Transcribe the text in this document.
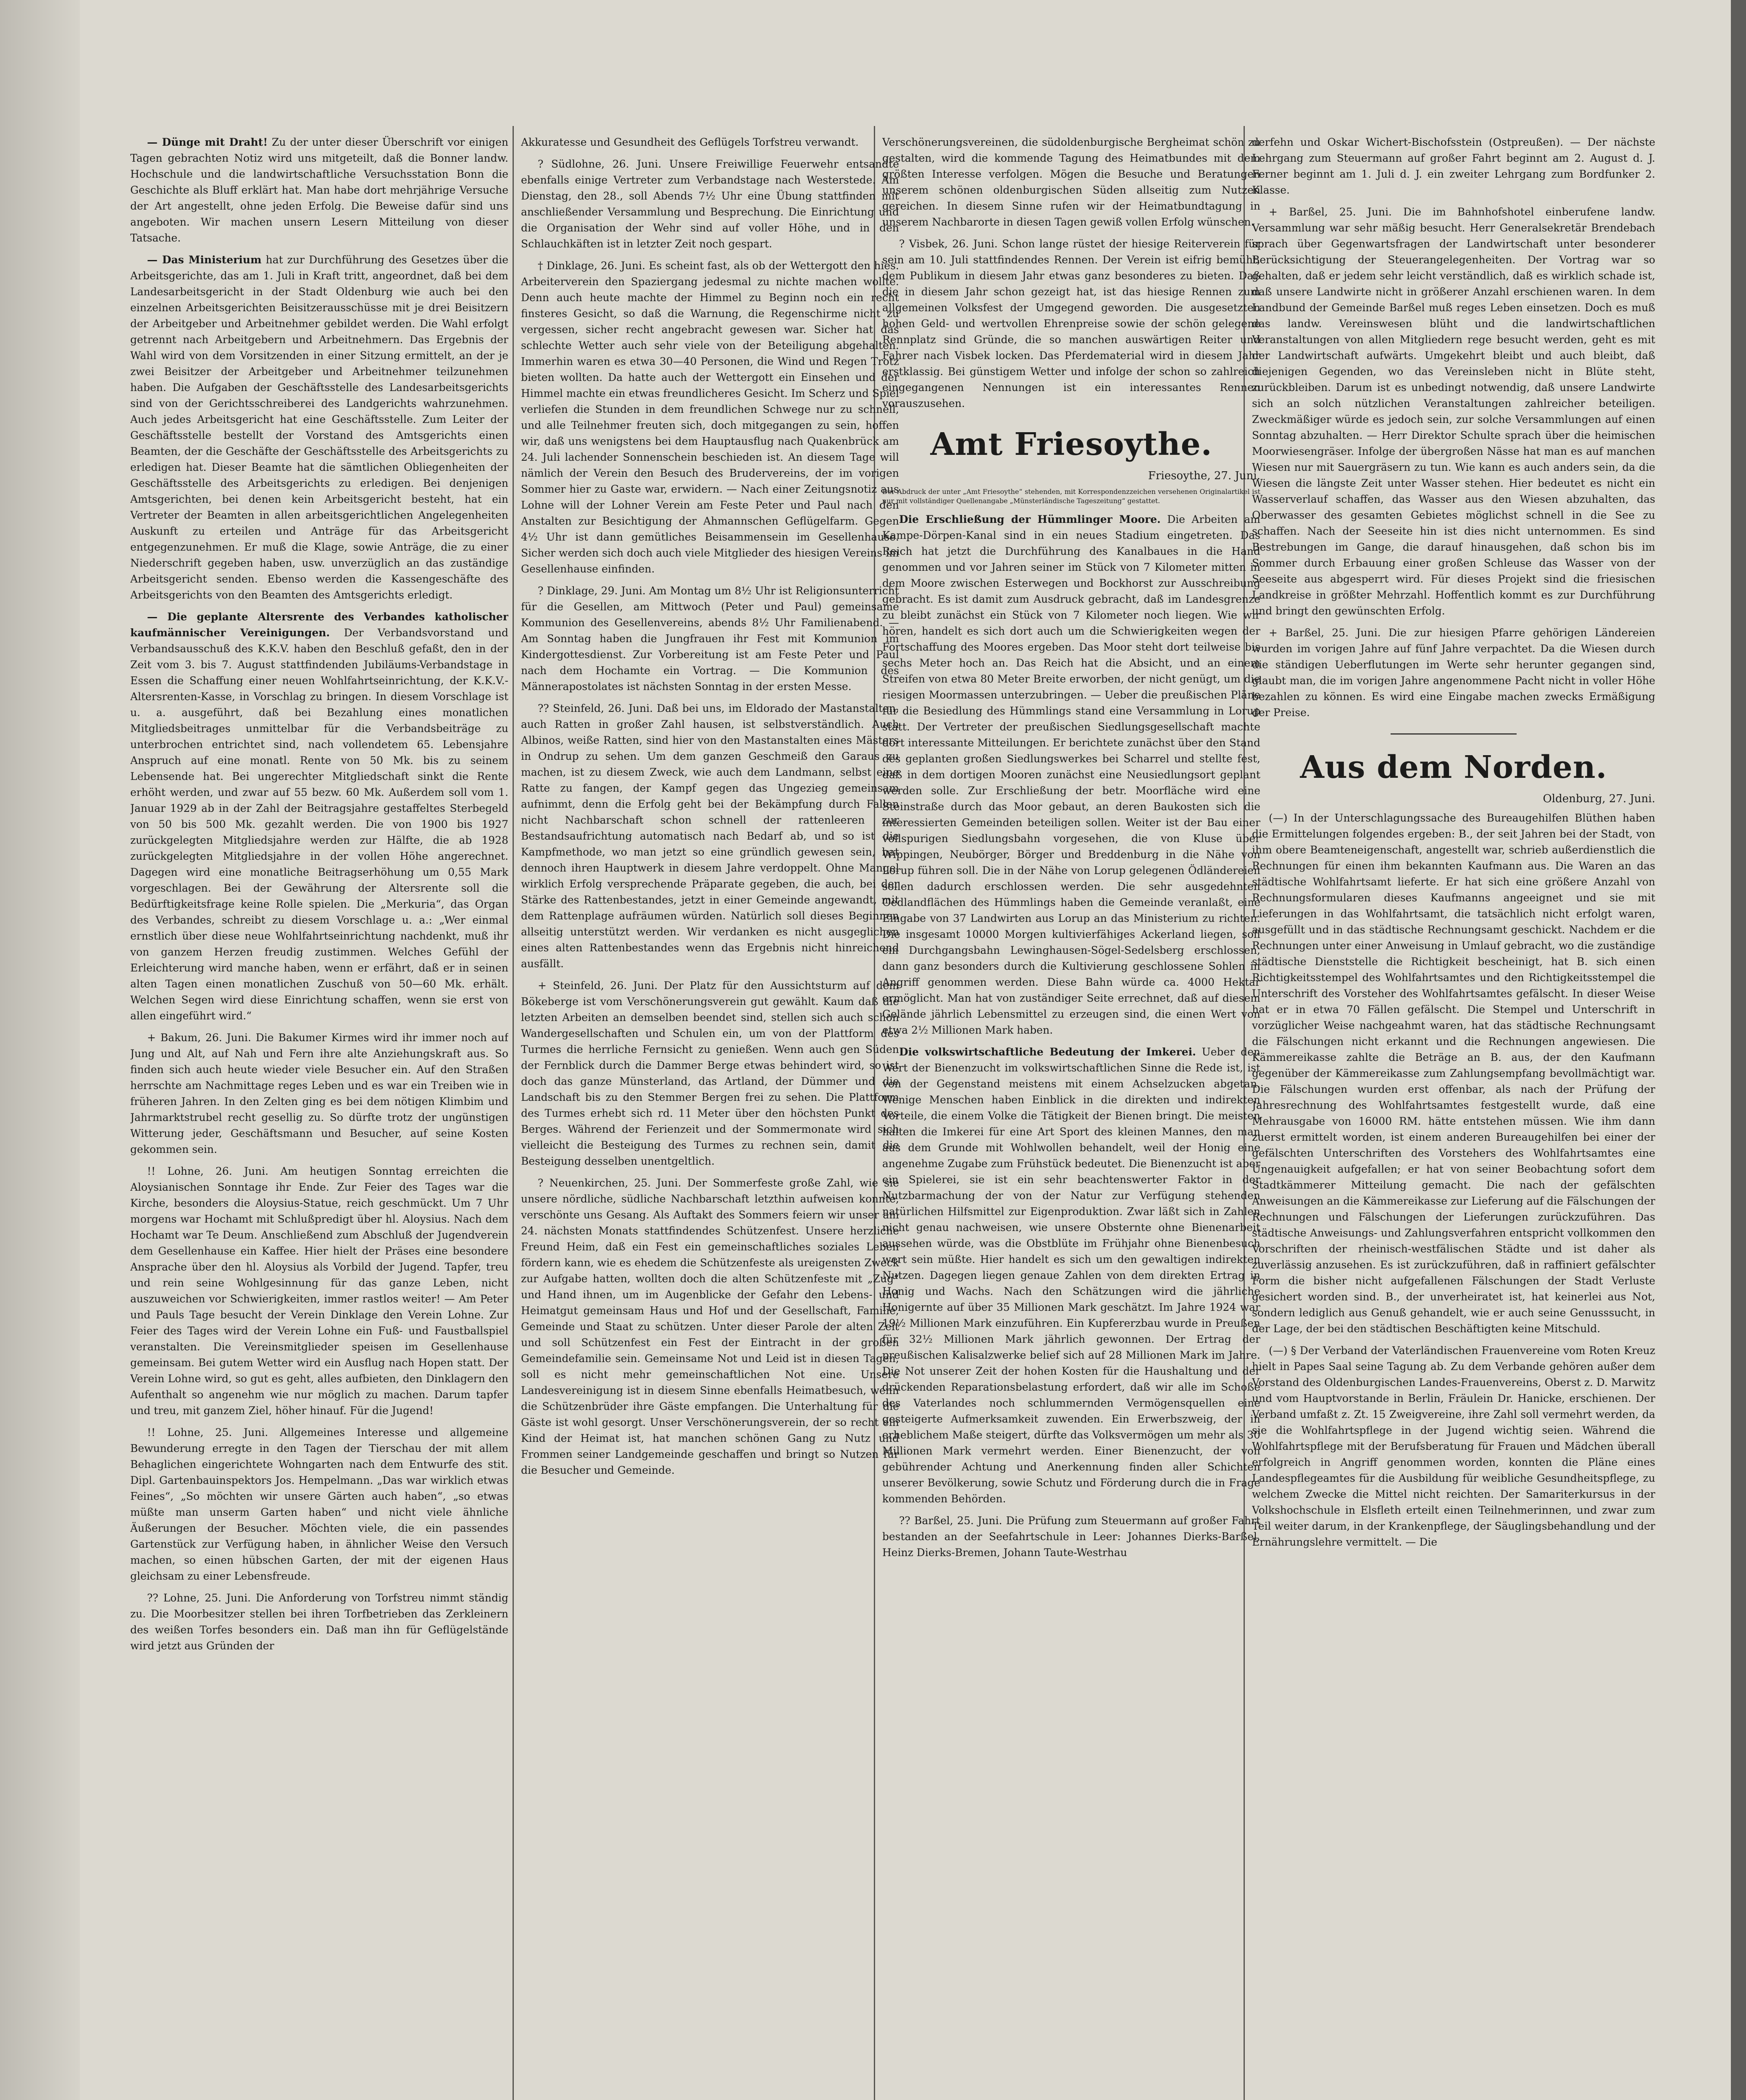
— Dünge mit Draht! Zu der unter dieser Überschrift vor einigen Tagen gebrachten Notiz wird uns mitgeteilt, daß die Bonner landw. Hochschule und die landwirtschaftliche Versuchsstation Bonn die Geschichte als Bluff erklärt hat. Man habe dort mehrjährige Versuche der Art angestellt, ohne jeden Erfolg. Die Beweise dafür sind uns angeboten. Wir machen unsern Lesern Mitteilung von dieser Tatsache.

— Das Ministerium hat zur Durchführung des Gesetzes über die Arbeitsgerichte, das am 1. Juli in Kraft tritt, angeordnet, daß bei dem Landesarbeitsgericht in der Stadt Oldenburg wie auch bei den einzelnen Arbeitsgerichten Beisitzerausschüsse mit je drei Beisitzern der Arbeitgeber und Arbeitnehmer gebildet werden. Die Wahl erfolgt getrennt nach Arbeitgebern und Arbeitnehmern. Das Ergebnis der Wahl wird von dem Vorsitzenden in einer Sitzung ermittelt, an der je zwei Beisitzer der Arbeitgeber und Arbeitnehmer teilzunehmen haben. Die Aufgaben der Geschäftsstelle des Landesarbeitsgerichts sind von der Gerichtsschreiberei des Landgerichts wahrzunehmen. Auch jedes Arbeitsgericht hat eine Geschäftsstelle. Zum Leiter der Geschäftsstelle bestellt der Vorstand des Amtsgerichts einen Beamten, der die Geschäfte der Geschäftsstelle des Arbeitsgerichts zu erledigen hat. Dieser Beamte hat die sämtlichen Obliegenheiten der Geschäftsstelle des Arbeitsgerichts zu erledigen. Bei denjenigen Amtsgerichten, bei denen kein Arbeitsgericht besteht, hat ein Vertreter der Beamten in allen arbeitsgerichtlichen Angelegenheiten Auskunft zu erteilen und Anträge für das Arbeitsgericht entgegenzunehmen. Er muß die Klage, sowie Anträge, die zu einer Niederschrift gegeben haben, usw. unverzüglich an das zuständige Arbeitsgericht senden. Ebenso werden die Kassengeschäfte des Arbeitsgerichts von den Beamten des Amtsgerichts erledigt.

— Die geplante Altersrente des Verbandes katholischer kaufmännischer Vereinigungen. Der Verbandsvorstand und Verbandsausschuß des K.K.V. haben den Beschluß gefaßt, den in der Zeit vom 3. bis 7. August stattfindenden Jubiläums-Verbandstage in Essen die Schaffung einer neuen Wohlfahrtseinrichtung, der K.K.V.-Altersrenten-Kasse, in Vorschlag zu bringen. In diesem Vorschlage ist u. a. ausgeführt, daß bei Bezahlung eines monatlichen Mitgliedsbeitrages unmittelbar für die Verbandsbeiträge zu unterbrochen entrichtet sind, nach vollendetem 65. Lebensjahre Anspruch auf eine monatl. Rente von 50 Mk. bis zu seinem Lebensende hat. Bei ungerechter Mitgliedschaft sinkt die Rente erhöht werden, und zwar auf 55 bezw. 60 Mk. Außerdem soll vom 1. Januar 1929 ab in der Zahl der Beitragsjahre gestaffeltes Sterbegeld von 50 bis 500 Mk. gezahlt werden. Die von 1900 bis 1927 zurückgelegten Mitgliedsjahre werden zur Hälfte, die ab 1928 zurückgelegten Mitgliedsjahre in der vollen Höhe angerechnet. Dagegen wird eine monatliche Beitragserhöhung um 0,55 Mark vorgeschlagen. Bei der Gewährung der Altersrente soll die Bedürftigkeitsfrage keine Rolle spielen. Die „Merkuria“, das Organ des Verbandes, schreibt zu diesem Vorschlage u. a.: „Wer einmal ernstlich über diese neue Wohlfahrtseinrichtung nachdenkt, muß ihr von ganzem Herzen freudig zustimmen. Welches Gefühl der Erleichterung wird manche haben, wenn er erfährt, daß er in seinen alten Tagen einen monatlichen Zuschuß von 50—60 Mk. erhält. Welchen Segen wird diese Einrichtung schaffen, wenn sie erst von allen eingeführt wird.“

+ Bakum, 26. Juni. Die Bakumer Kirmes wird ihr immer noch auf Jung und Alt, auf Nah und Fern ihre alte Anziehungskraft aus. So finden sich auch heute wieder viele Besucher ein. Auf den Straßen herrschte am Nachmittage reges Leben und es war ein Treiben wie in früheren Jahren. In den Zelten ging es bei dem nötigen Klimbim und Jahrmarktstrubel recht gesellig zu. So dürfte trotz der ungünstigen Witterung jeder, Geschäftsmann und Besucher, auf seine Kosten gekommen sein.

!! Lohne, 26. Juni. Am heutigen Sonntag erreichten die Aloysianischen Sonntage ihr Ende. Zur Feier des Tages war die Kirche, besonders die Aloysius-Statue, reich geschmückt. Um 7 Uhr morgens war Hochamt mit Schlußpredigt über hl. Aloysius. Nach dem Hochamt war Te Deum. Anschließend zum Abschluß der Jugendverein dem Gesellenhause ein Kaffee. Hier hielt der Präses eine besondere Ansprache über den hl. Aloysius als Vorbild der Jugend. Tapfer, treu und rein seine Wohlgesinnung für das ganze Leben, nicht auszuweichen vor Schwierigkeiten, immer rastlos weiter! — Am Peter und Pauls Tage besucht der Verein Dinklage den Verein Lohne. Zur Feier des Tages wird der Verein Lohne ein Fuß- und Faustballspiel veranstalten. Die Vereinsmitglieder speisen im Gesellenhause gemeinsam. Bei gutem Wetter wird ein Ausflug nach Hopen statt. Der Verein Lohne wird, so gut es geht, alles aufbieten, den Dinklagern den Aufenthalt so angenehm wie nur möglich zu machen. Darum tapfer und treu, mit ganzem Ziel, höher hinauf. Für die Jugend!

!! Lohne, 25. Juni. Allgemeines Interesse und allgemeine Bewunderung erregte in den Tagen der Tierschau der mit allem Behaglichen eingerichtete Wohngarten nach dem Entwurfe des stit. Dipl. Gartenbauinspektors Jos. Hempelmann. „Das war wirklich etwas Feines“, „So möchten wir unsere Gärten auch haben“, „so etwas müßte man unserm Garten haben“ und nicht viele ähnliche Äußerungen der Besucher. Möchten viele, die ein passendes Gartenstück zur Verfügung haben, in ähnlicher Weise den Versuch machen, so einen hübschen Garten, der mit der eigenen Haus gleichsam zu einer Lebensfreude.

?? Lohne, 25. Juni. Die Anforderung von Torfstreu nimmt ständig zu. Die Moorbesitzer stellen bei ihren Torfbetrieben das Zerkleinern des weißen Torfes besonders ein. Daß man ihn für Geflügelstände wird jetzt aus Gründen der

Akkuratesse und Gesundheit des Geflügels Torfstreu verwandt.

? Südlohne, 26. Juni. Unsere Freiwillige Feuerwehr entsandte ebenfalls einige Vertreter zum Verbandstage nach Westerstede. Am Dienstag, den 28., soll Abends 7½ Uhr eine Übung stattfinden mit anschließender Versammlung und Besprechung. Die Einrichtung und die Organisation der Wehr sind auf voller Höhe, und in den Schlauchkäften ist in letzter Zeit noch gespart.

† Dinklage, 26. Juni. Es scheint fast, als ob der Wettergott den hies. Arbeiterverein den Spaziergang jedesmal zu nichte machen wollte. Denn auch heute machte der Himmel zu Beginn noch ein recht finsteres Gesicht, so daß die Warnung, die Regenschirme nicht zu vergessen, sicher recht angebracht gewesen war. Sicher hat das schlechte Wetter auch sehr viele von der Beteiligung abgehalten. Immerhin waren es etwa 30—40 Personen, die Wind und Regen Trotz bieten wollten. Da hatte auch der Wettergott ein Einsehen und der Himmel machte ein etwas freundlicheres Gesicht. Im Scherz und Spiel verliefen die Stunden in dem freundlichen Schwege nur zu schnell, und alle Teilnehmer freuten sich, doch mitgegangen zu sein, hoffen wir, daß uns wenigstens bei dem Hauptausflug nach Quakenbrück am 24. Juli lachender Sonnenschein beschieden ist. An diesem Tage will nämlich der Verein den Besuch des Brudervereins, der im vorigen Sommer hier zu Gaste war, erwidern. — Nach einer Zeitungsnotiz aus Lohne will der Lohner Verein am Feste Peter und Paul nach den Anstalten zur Besichtigung der Ahmannschen Geflügelfarm. Gegen 4½ Uhr ist dann gemütliches Beisammensein im Gesellenhause. Sicher werden sich doch auch viele Mitglieder des hiesigen Vereins im Gesellenhause einfinden.

? Dinklage, 29. Juni. Am Montag um 8½ Uhr ist Religionsunterricht für die Gesellen, am Mittwoch (Peter und Paul) gemeinsame Kommunion des Gesellenvereins, abends 8½ Uhr Familienabend. — Am Sonntag haben die Jungfrauen ihr Fest mit Kommunion im Kindergottesdienst. Zur Vorbereitung ist am Feste Peter und Paul nach dem Hochamte ein Vortrag. — Die Kommunion des Männerapostolates ist nächsten Sonntag in der ersten Messe.

?? Steinfeld, 26. Juni. Daß bei uns, im Eldorado der Mastanstalten, auch Ratten in großer Zahl hausen, ist selbstverständlich. Auch Albinos, weiße Ratten, sind hier von den Mastanstalten eines Mästers in Ondrup zu sehen. Um dem ganzen Geschmeiß den Garaus zu machen, ist zu diesem Zweck, wie auch dem Landmann, selbst eine Ratte zu fangen, der Kampf gegen das Ungezieg gemeinsam aufnimmt, denn die Erfolg geht bei der Bekämpfung durch Fallen nicht Nachbarschaft schon schnell der rattenleeren zur Bestandsaufrichtung automatisch nach Bedarf ab, und so ist die Kampfmethode, wo man jetzt so eine gründlich gewesen sein, hat dennoch ihren Hauptwerk in diesem Jahre verdoppelt. Ohne Mangel wirklich Erfolg versprechende Präparate gegeben, die auch, bei der Stärke des Rattenbestandes, jetzt in einer Gemeinde angewandt, mit dem Rattenplage aufräumen würden. Natürlich soll dieses Beginnen allseitig unterstützt werden. Wir verdanken es nicht ausgeglichen eines alten Rattenbestandes wenn das Ergebnis nicht hinreichend ausfällt.

+ Steinfeld, 26. Juni. Der Platz für den Aussichtsturm auf dem Bökeberge ist vom Verschönerungsverein gut gewählt. Kaum daß die letzten Arbeiten an demselben beendet sind, stellen sich auch schon Wandergesellschaften und Schulen ein, um von der Plattform des Turmes die herrliche Fernsicht zu genießen. Wenn auch gen Süden der Fernblick durch die Dammer Berge etwas behindert wird, so ist doch das ganze Münsterland, das Artland, der Dümmer und die Landschaft bis zu den Stemmer Bergen frei zu sehen. Die Plattform des Turmes erhebt sich rd. 11 Meter über den höchsten Punkt des Berges. Während der Ferienzeit und der Sommermonate wird sich vielleicht die Besteigung des Turmes zu rechnen sein, damit die Besteigung desselben unentgeltlich.

? Neuenkirchen, 25. Juni. Der Sommerfeste große Zahl, wie sie unsere nördliche, südliche Nachbarschaft letzthin aufweisen konnte, verschönte uns Gesang. Als Auftakt des Sommers feiern wir unser am 24. nächsten Monats stattfindendes Schützenfest. Unsere herzliche Freund Heim, daß ein Fest ein gemeinschaftliches soziales Leben fördern kann, wie es ehedem die Schützenfeste als ureigensten Zweck zur Aufgabe hatten, wollten doch die alten Schützenfeste mit „Zug“ und Hand ihnen, um im Augenblicke der Gefahr den Lebens- und Heimatgut gemeinsam Haus und Hof und der Gesellschaft, Familie, Gemeinde und Staat zu schützen. Unter dieser Parole der alten Zeit und soll Schützenfest ein Fest der Eintracht in der großen Gemeindefamilie sein. Gemeinsame Not und Leid ist in diesen Tagen, soll es nicht mehr gemeinschaftlichen Not eine. Unsere Landesvereinigung ist in diesem Sinne ebenfalls Heimatbesuch, wenn die Schützenbrüder ihre Gäste empfangen. Die Unterhaltung für die Gäste ist wohl gesorgt. Unser Verschönerungsverein, der so recht ein Kind der Heimat ist, hat manchen schönen Gang zu Nutz und Frommen seiner Landgemeinde geschaffen und bringt so Nutzen für die Besucher und Gemeinde.

Verschönerungsvereinen, die südoldenburgische Bergheimat schön zu gestalten, wird die kommende Tagung des Heimatbundes mit dem größten Interesse verfolgen. Mögen die Besuche und Beratungen unserem schönen oldenburgischen Süden allseitig zum Nutzen gereichen. In diesem Sinne rufen wir der Heimatbundtagung in unserem Nachbarorte in diesen Tagen gewiß vollen Erfolg wünschen.

? Visbek, 26. Juni. Schon lange rüstet der hiesige Reiterverein für sein am 10. Juli stattfindendes Rennen. Der Verein ist eifrig bemüht, dem Publikum in diesem Jahr etwas ganz besonderes zu bieten. Daß die in diesem Jahr schon gezeigt hat, ist das hiesige Rennen zum allgemeinen Volksfest der Umgegend geworden. Die ausgesetzten hohen Geld- und wertvollen Ehrenpreise sowie der schön gelegene Rennplatz sind Gründe, die so manchen auswärtigen Reiter und Fahrer nach Visbek locken. Das Pferdematerial wird in diesem Jahr erstklassig. Bei günstigem Wetter und infolge der schon so zahlreich eingegangenen Nennungen ist ein interessantes Rennen vorauszusehen.

Amt Friesoythe.
Friesoythe, 27. Juni.

Der Abdruck der unter „Amt Friesoythe“ stehenden, mit Korrespondenzzeichen versehenen Originalartikel ist nur mit vollständiger Quellenangabe „Münsterländische Tageszeitung“ gestattet.

Die Erschließung der Hümmlinger Moore. Die Arbeiten am Kampe-Dörpen-Kanal sind in ein neues Stadium eingetreten. Das Reich hat jetzt die Durchführung des Kanalbaues in die Hand genommen und vor Jahren seiner im Stück von 7 Kilometer mitten in dem Moore zwischen Esterwegen und Bockhorst zur Ausschreibung gebracht. Es ist damit zum Ausdruck gebracht, daß im Landesgrenze zu bleibt zunächst ein Stück von 7 Kilometer noch liegen. Wie wir hören, handelt es sich dort auch um die Schwierigkeiten wegen der Fortschaffung des Moores ergeben. Das Moor steht dort teilweise bis sechs Meter hoch an. Das Reich hat die Absicht, und an einem Streifen von etwa 80 Meter Breite erworben, der nicht genügt, um die riesigen Moormassen unterzubringen. — Ueber die preußischen Pläne für die Besiedlung des Hümmlings stand eine Versammlung in Lorup statt. Der Vertreter der preußischen Siedlungsgesellschaft machte dort interessante Mitteilungen. Er berichtete zunächst über den Stand des geplanten großen Siedlungswerkes bei Scharrel und stellte fest, daß in dem dortigen Mooren zunächst eine Neusiedlungsort geplant werden solle. Zur Erschließung der betr. Moorfläche wird eine Steinstraße durch das Moor gebaut, an deren Baukosten sich die interessierten Gemeinden beteiligen sollen. Weiter ist der Bau einer vollspurigen Siedlungsbahn vorgesehen, die von Kluse über Wippingen, Neubörger, Börger und Breddenburg in die Nähe von Lorup führen soll. Die in der Nähe von Lorup gelegenen Ödländereien sollen dadurch erschlossen werden. Die sehr ausgedehnten Oedlandflächen des Hümmlings haben die Gemeinde veranlaßt, eine Eingabe von 37 Landwirten aus Lorup an das Ministerium zu richten. Die insgesamt 10000 Morgen kultivierfähiges Ackerland liegen, soll ein Durchgangsbahn Lewinghausen-Sögel-Sedelsberg erschlossen, dann ganz besonders durch die Kultivierung geschlossene Sohlen in Angriff genommen werden. Diese Bahn würde ca. 4000 Hektar ermöglicht. Man hat von zuständiger Seite errechnet, daß auf diesem Gelände jährlich Lebensmittel zu erzeugen sind, die einen Wert von etwa 2½ Millionen Mark haben.

Die volkswirtschaftliche Bedeutung der Imkerei. Ueber den Wert der Bienenzucht im volkswirtschaftlichen Sinne die Rede ist, ist von der Gegenstand meistens mit einem Achselzucken abgetan. Wenige Menschen haben Einblick in die direkten und indirekten Vorteile, die einem Volke die Tätigkeit der Bienen bringt. Die meisten halten die Imkerei für eine Art Sport des kleinen Mannes, den man aus dem Grunde mit Wohlwollen behandelt, weil der Honig eine angenehme Zugabe zum Frühstück bedeutet. Die Bienenzucht ist aber ein Spielerei, sie ist ein sehr beachtenswerter Faktor in der Nutzbarmachung der von der Natur zur Verfügung stehenden natürlichen Hilfsmittel zur Eigenproduktion. Zwar läßt sich in Zahlen nicht genau nachweisen, wie unsere Obsternte ohne Bienenarbeit aussehen würde, was die Obstblüte im Frühjahr ohne Bienenbesuch wert sein müßte. Hier handelt es sich um den gewaltigen indirekten Nutzen. Dagegen liegen genaue Zahlen von dem direkten Ertrag in Honig und Wachs. Nach den Schätzungen wird die jährliche Honigernte auf über 35 Millionen Mark geschätzt. Im Jahre 1924 war 19½ Millionen Mark einzuführen. Ein Kupfererzbau wurde in Preußen für 32½ Millionen Mark jährlich gewonnen. Der Ertrag der preußischen Kalisalzwerke belief sich auf 28 Millionen Mark im Jahre. Die Not unserer Zeit der hohen Kosten für die Haushaltung und der drückenden Reparationsbelastung erfordert, daß wir alle im Schoße des Vaterlandes noch schlummernden Vermögensquellen eine gesteigerte Aufmerksamkeit zuwenden. Ein Erwerbszweig, der in erheblichem Maße steigert, dürfte das Volksvermögen um mehr als 30 Millionen Mark vermehrt werden. Einer Bienenzucht, der von gebührender Achtung und Anerkennung finden aller Schichten unserer Bevölkerung, sowie Schutz und Förderung durch die in Frage kommenden Behörden.

?? Barßel, 25. Juni. Die Prüfung zum Steuermann auf großer Fahrt bestanden an der Seefahrtschule in Leer: Johannes Dierks-Barßel, Heinz Dierks-Bremen, Johann Taute-Westrhau

derfehn und Oskar Wichert-Bischofsstein (Ostpreußen). — Der nächste Lehrgang zum Steuermann auf großer Fahrt beginnt am 2. August d. J. Ferner beginnt am 1. Juli d. J. ein zweiter Lehrgang zum Bordfunker 2. Klasse.

+ Barßel, 25. Juni. Die im Bahnhofshotel einberufene landw. Versammlung war sehr mäßig besucht. Herr Generalsekretär Brendebach sprach über Gegenwartsfragen der Landwirtschaft unter besonderer Berücksichtigung der Steuerangelegenheiten. Der Vortrag war so gehalten, daß er jedem sehr leicht verständlich, daß es wirklich schade ist, daß unsere Landwirte nicht in größerer Anzahl erschienen waren. In dem Landbund der Gemeinde Barßel muß reges Leben einsetzen. Doch es muß das landw. Vereinswesen blüht und die landwirtschaftlichen Veranstaltungen von allen Mitgliedern rege besucht werden, geht es mit der Landwirtschaft aufwärts. Umgekehrt bleibt und auch bleibt, daß diejenigen Gegenden, wo das Vereinsleben nicht in Blüte steht, zurückbleiben. Darum ist es unbedingt notwendig, daß unsere Landwirte sich an solch nützlichen Veranstaltungen zahlreicher beteiligen. Zweckmäßiger würde es jedoch sein, zur solche Versammlungen auf einen Sonntag abzuhalten. — Herr Direktor Schulte sprach über die heimischen Moorwiesengräser. Infolge der übergroßen Nässe hat man es auf manchen Wiesen nur mit Sauergräsern zu tun. Wie kann es auch anders sein, da die Wiesen die längste Zeit unter Wasser stehen. Hier bedeutet es nicht ein Wasserverlauf schaffen, das Wasser aus den Wiesen abzuhalten, das Oberwasser des gesamten Gebietes möglichst schnell in die See zu schaffen. Nach der Seeseite hin ist dies nicht unternommen. Es sind Bestrebungen im Gange, die darauf hinausgehen, daß schon bis im Sommer durch Erbauung einer großen Schleuse das Wasser von der Seeseite aus abgesperrt wird. Für dieses Projekt sind die friesischen Landkreise in größter Mehrzahl. Hoffentlich kommt es zur Durchführung und bringt den gewünschten Erfolg.

+ Barßel, 25. Juni. Die zur hiesigen Pfarre gehörigen Ländereien wurden im vorigen Jahre auf fünf Jahre verpachtet. Da die Wiesen durch die ständigen Ueberflutungen im Werte sehr herunter gegangen sind, glaubt man, die im vorigen Jahre angenommene Pacht nicht in voller Höhe bezahlen zu können. Es wird eine Eingabe machen zwecks Ermäßigung der Preise.

Aus dem Norden.
Oldenburg, 27. Juni.

(—) In der Unterschlagungssache des Bureaugehilfen Blüthen haben die Ermittelungen folgendes ergeben: B., der seit Jahren bei der Stadt, von ihm obere Beamteneigenschaft, angestellt war, schrieb außerdienstlich die Rechnungen für einen ihm bekannten Kaufmann aus. Die Waren an das städtische Wohlfahrtsamt lieferte. Er hat sich eine größere Anzahl von Rechnungsformularen dieses Kaufmanns angeeignet und sie mit Lieferungen in das Wohlfahrtsamt, die tatsächlich nicht erfolgt waren, ausgefüllt und in das städtische Rechnungsamt geschickt. Nachdem er die Rechnungen unter einer Anweisung in Umlauf gebracht, wo die zuständige städtische Dienststelle die Richtigkeit bescheinigt, hat B. sich einen Richtigkeitsstempel des Wohlfahrtsamtes und den Richtigkeitsstempel die Unterschrift des Vorsteher des Wohlfahrtsamtes gefälscht. In dieser Weise hat er in etwa 70 Fällen gefälscht. Die Stempel und Unterschrift in vorzüglicher Weise nachgeahmt waren, hat das städtische Rechnungsamt die Fälschungen nicht erkannt und die Rechnungen angewiesen. Die Kämmereikasse zahlte die Beträge an B. aus, der den Kaufmann gegenüber der Kämmereikasse zum Zahlungsempfang bevollmächtigt war. Die Fälschungen wurden erst offenbar, als nach der Prüfung der Jahresrechnung des Wohlfahrtsamtes festgestellt wurde, daß eine Mehrausgabe von 16000 RM. hätte entstehen müssen. Wie ihm dann zuerst ermittelt worden, ist einem anderen Bureaugehilfen bei einer der gefälschten Unterschriften des Vorstehers des Wohlfahrtsamtes eine Ungenauigkeit aufgefallen; er hat von seiner Beobachtung sofort dem Stadtkämmerer Mitteilung gemacht. Die nach der gefälschten Anweisungen an die Kämmereikasse zur Lieferung auf die Fälschungen der Rechnungen und Fälschungen der Lieferungen zurückzuführen. Das städtische Anweisungs- und Zahlungsverfahren entspricht vollkommen den Vorschriften der rheinisch-westfälischen Städte und ist daher als zuverlässig anzusehen. Es ist zurückzuführen, daß in raffiniert gefälschter Form die bisher nicht aufgefallenen Fälschungen der Stadt Verluste gesichert worden sind. B., der unverheiratet ist, hat keinerlei aus Not, sondern lediglich aus Genuß gehandelt, wie er auch seine Genusssucht, in der Lage, der bei den städtischen Beschäftigten keine Mitschuld.

(—) § Der Verband der Vaterländischen Frauenvereine vom Roten Kreuz hielt in Papes Saal seine Tagung ab. Zu dem Verbande gehören außer dem Vorstand des Oldenburgischen Landes-Frauenvereins, Oberst z. D. Marwitz und vom Hauptvorstande in Berlin, Fräulein Dr. Hanicke, erschienen. Der Verband umfaßt z. Zt. 15 Zweigvereine, ihre Zahl soll vermehrt werden, da sie die Wohlfahrtspflege in der Jugend wichtig seien. Während die Wohlfahrtspflege mit der Berufsberatung für Frauen und Mädchen überall erfolgreich in Angriff genommen worden, konnten die Pläne eines Landespflegeamtes für die Ausbildung für weibliche Gesundheitspflege, zu welchem Zwecke die Mittel nicht reichten. Der Samariterkursus in der Volkshochschule in Elsfleth erteilt einen Teilnehmerinnen, und zwar zum Teil weiter darum, in der Krankenpflege, der Säuglingsbehandlung und der Ernährungslehre vermittelt. — Die
